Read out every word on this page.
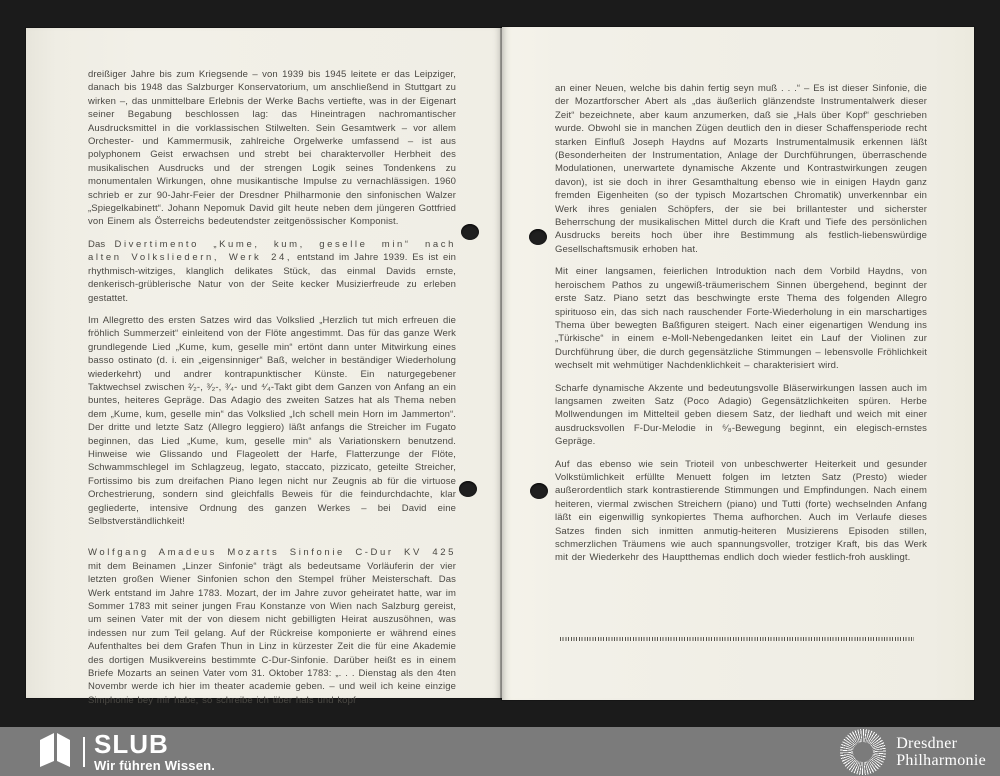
dreißiger Jahre bis zum Kriegsende – von 1939 bis 1945 leitete er das Leipziger, danach bis 1948 das Salzburger Konservatorium, um anschließend in Stuttgart zu wirken –, das unmittelbare Erlebnis der Werke Bachs vertiefte, was in der Eigenart seiner Begabung beschlossen lag: das Hineintragen nachromantischer Ausdrucksmittel in die vorklassischen Stilwelten. Sein Gesamtwerk – vor allem Orchester- und Kammermusik, zahlreiche Orgelwerke umfassend – ist aus polyphonem Geist erwachsen und strebt bei charaktervoller Herbheit des musikalischen Ausdrucks und der strengen Logik seines Tondenkens zu monumentalen Wirkungen, ohne musikantische Impulse zu vernachlässigen. 1960 schrieb er zur 90-Jahr-Feier der Dresdner Philharmonie den sinfonischen Walzer „Spiegelkabinett“. Johann Nepomuk David gilt heute neben dem jüngeren Gottfried von Einem als Österreichs bedeutendster zeitgenössischer Komponist.

Das Divertimento „Kume, kum, geselle min“ nach alten Volksliedern, Werk 24, entstand im Jahre 1939. Es ist ein rhythmisch-witziges, klanglich delikates Stück, das einmal Davids ernste, denkerisch-grüblerische Natur von der Seite kecker Musizierfreude zu erleben gestattet.

Im Allegretto des ersten Satzes wird das Volkslied „Herzlich tut mich erfreuen die fröhlich Summerzeit“ einleitend von der Flöte angestimmt. Das für das ganze Werk grundlegende Lied „Kume, kum, geselle min“ ertönt dann unter Mitwirkung eines basso ostinato (d. i. ein „eigensinniger“ Baß, welcher in beständiger Wiederholung wiederkehrt) und andrer kontrapunktischer Künste. Ein naturgegebener Taktwechsel zwischen ²⁄₂-, ³⁄₂-, ³⁄₄- und ⁴⁄₄-Takt gibt dem Ganzen von Anfang an ein buntes, heiteres Gepräge. Das Adagio des zweiten Satzes hat als Thema neben dem „Kume, kum, geselle min“ das Volkslied „Ich schell mein Horn im Jammerton“. Der dritte und letzte Satz (Allegro leggiero) läßt anfangs die Streicher im Fugato beginnen, das Lied „Kume, kum, geselle min“ als Variationskern benutzend. Hinweise wie Glissando und Flageolett der Harfe, Flatterzunge der Flöte, Schwammschlegel im Schlagzeug, legato, staccato, pizzicato, geteilte Streicher, Fortissimo bis zum dreifachen Piano legen nicht nur Zeugnis ab für die virtuose Orchestrierung, sondern sind gleichfalls Beweis für die feindurchdachte, klar gegliederte, intensive Ordnung des ganzen Werkes – bei David eine Selbstverständlichkeit!

Wolfgang Amadeus Mozarts Sinfonie C-Dur KV 425 mit dem Beinamen „Linzer Sinfonie“ trägt als bedeutsame Vorläuferin der vier letzten großen Wiener Sinfonien schon den Stempel früher Meisterschaft. Das Werk entstand im Jahre 1783. Mozart, der im Jahre zuvor geheiratet hatte, war im Sommer 1783 mit seiner jungen Frau Konstanze von Wien nach Salzburg gereist, um seinen Vater mit der von diesem nicht gebilligten Heirat auszusöhnen, was indessen nur zum Teil gelang. Auf der Rückreise komponierte er während eines Aufenthaltes bei dem Grafen Thun in Linz in kürzester Zeit die für eine Akademie des dortigen Musikvereins bestimmte C-Dur-Sinfonie. Darüber heißt es in einem Briefe Mozarts an seinen Vater vom 31. Oktober 1783: „. . . Dienstag als den 4ten Novembr werde ich hier im theater academie geben. – und weil ich keine einzige Simphonie bey mir habe, so schreibe ich über hals und kopf

an einer Neuen, welche bis dahin fertig seyn muß . . .“ – Es ist dieser Sinfonie, die der Mozartforscher Abert als „das äußerlich glänzendste Instrumentalwerk dieser Zeit“ bezeichnete, aber kaum anzumerken, daß sie „Hals über Kopf“ geschrieben wurde. Obwohl sie in manchen Zügen deutlich den in dieser Schaffensperiode recht starken Einfluß Joseph Haydns auf Mozarts Instrumentalmusik erkennen läßt (Besonderheiten der Instrumentation, Anlage der Durchführungen, überraschende Modulationen, unerwartete dynamische Akzente und Kontrastwirkungen zeugen davon), ist sie doch in ihrer Gesamthaltung ebenso wie in einigen Haydn ganz fremden Eigenheiten (so der typisch Mozartschen Chromatik) unverkennbar ein Werk ihres genialen Schöpfers, der sie bei brillantester und sicherster Beherrschung der musikalischen Mittel durch die Kraft und Tiefe des persönlichen Ausdrucks bereits hoch über ihre Bestimmung als festlich-liebenswürdige Gesellschaftsmusik erhoben hat.

Mit einer langsamen, feierlichen Introduktion nach dem Vorbild Haydns, von heroischem Pathos zu ungewiß-träumerischem Sinnen übergehend, beginnt der erste Satz. Piano setzt das beschwingte erste Thema des folgenden Allegro spirituoso ein, das sich nach rauschender Forte-Wiederholung in ein marschartiges Thema über bewegten Baßfiguren steigert. Nach einer eigenartigen Wendung ins „Türkische“ in einem e-Moll-Nebengedanken leitet ein Lauf der Violinen zur Durchführung über, die durch gegensätzliche Stimmungen – lebensvolle Fröhlichkeit wechselt mit wehmütiger Nachdenklichkeit – charakterisiert wird.

Scharfe dynamische Akzente und bedeutungsvolle Bläserwirkungen lassen auch im langsamen zweiten Satz (Poco Adagio) Gegensätzlichkeiten spüren. Herbe Mollwendungen im Mittelteil geben diesem Satz, der liedhaft und weich mit einer ausdrucksvollen F-Dur-Melodie in ⁶⁄₈-Bewegung beginnt, ein elegisch-ernstes Gepräge.

Auf das ebenso wie sein Trioteil von unbeschwerter Heiterkeit und gesunder Volkstümlichkeit erfüllte Menuett folgen im letzten Satz (Presto) wieder außerordentlich stark kontrastierende Stimmungen und Empfindungen. Nach einem heiteren, viermal zwischen Streichern (piano) und Tutti (forte) wechselnden Anfang läßt ein eigenwillig synkopiertes Thema aufhorchen. Auch im Verlaufe dieses Satzes finden sich inmitten anmutig-heiteren Musizierens Episoden stillen, schmerzlichen Träumens wie auch spannungsvoller, trotziger Kraft, bis das Werk mit der Wiederkehr des Hauptthemas endlich doch wieder festlich-froh ausklingt.

SLUB
Wir führen Wissen.
Dresdner
Philharmonie
